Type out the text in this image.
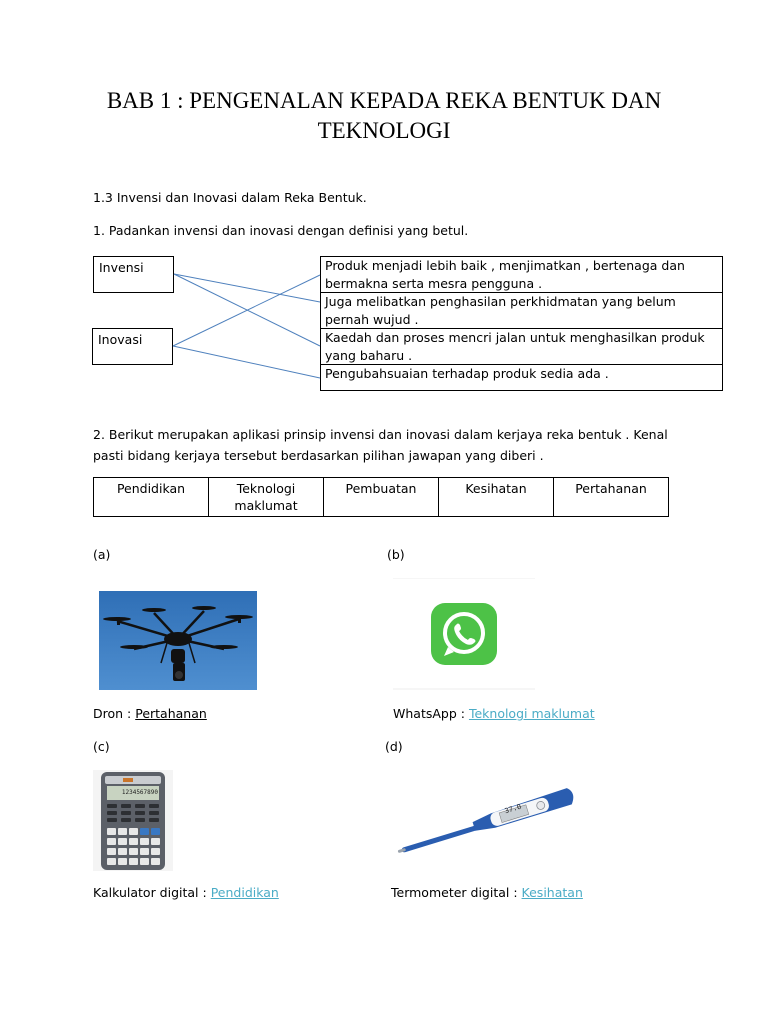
BAB 1 : PENGENALAN KEPADA REKA BENTUK DAN
TEKNOLOGI
1.3 Invensi dan Inovasi dalam Reka Bentuk.
1. Padankan invensi dan inovasi dengan definisi yang betul.
Invensi
Inovasi
Produk menjadi lebih baik , menjimatkan , bertenaga dan bermakna serta mesra pengguna .
Juga melibatkan penghasilan perkhidmatan yang belum pernah wujud .
Kaedah dan proses mencri jalan untuk menghasilkan produk yang baharu .
Pengubahsuaian terhadap produk sedia ada .
2. Berikut merupakan aplikasi prinsip invensi dan inovasi dalam kerjaya reka bentuk . Kenal
pasti bidang kerjaya tersebut berdasarkan pilihan jawapan yang diberi .
Pendidikan	Teknologi maklumat	Pembuatan	Kesihatan	Pertahanan
(a)
Dron : Pertahanan
(b)
WhatsApp : Teknologi maklumat
(c)
1234567890
Kalkulator digital : Pendidikan
(d)
37.0
Termometer digital : Kesihatan
